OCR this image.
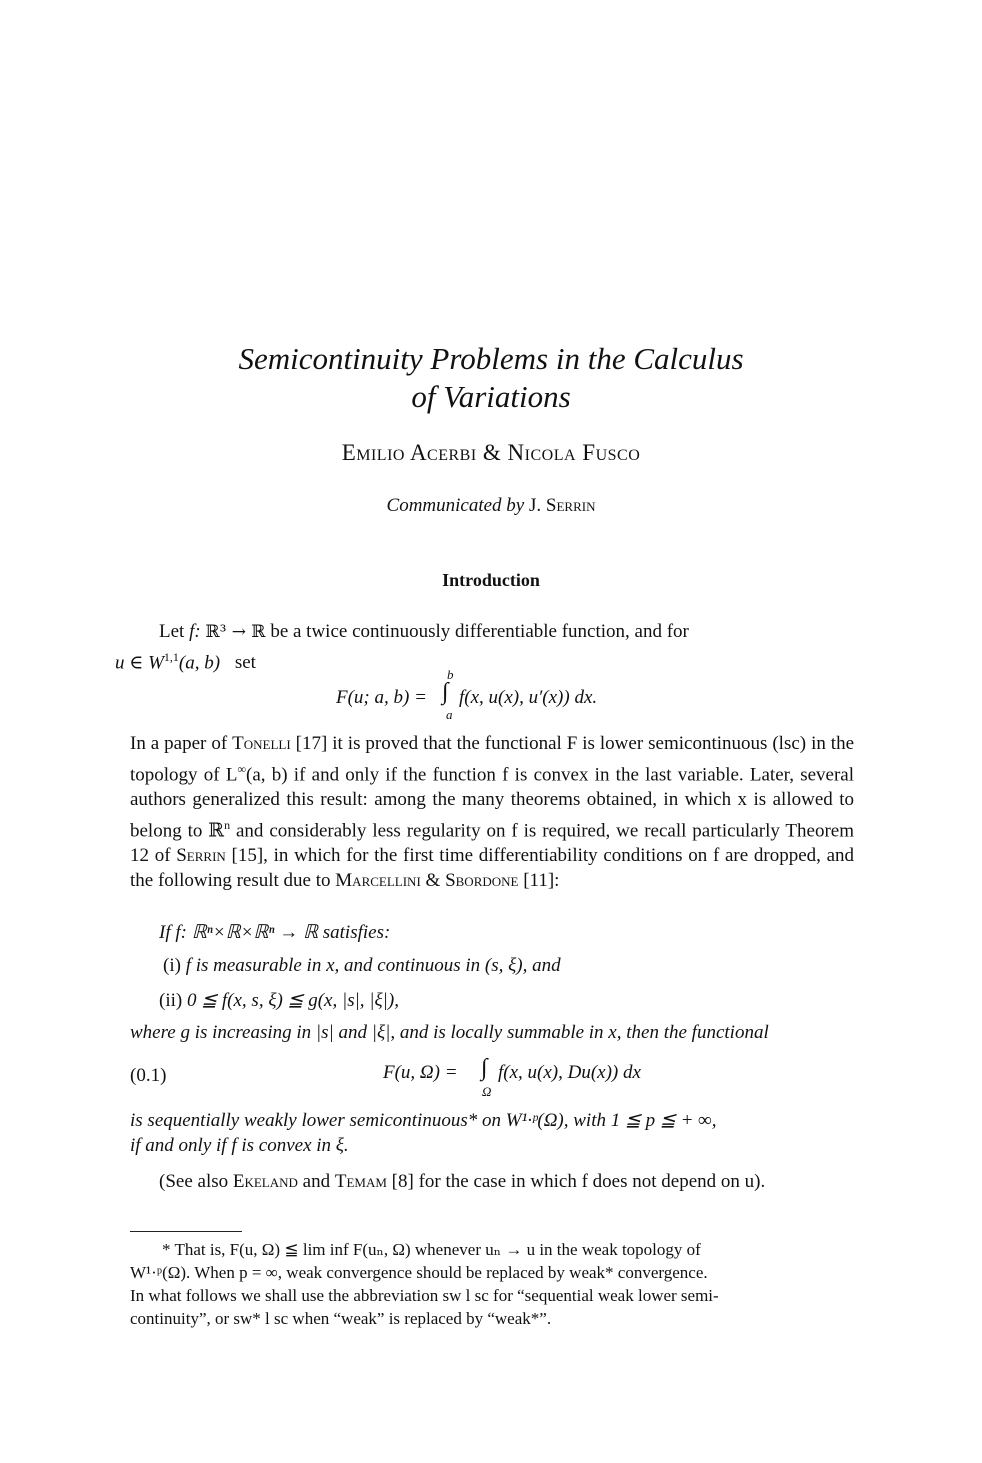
Semicontinuity Problems in the Calculus
of Variations
Emilio Acerbi & Nicola Fusco
Communicated by J. Serrin
Introduction
Let f: ℝ³ → ℝ be a twice continuously differentiable function, and for
u ∈ W$^{1,1}$(a, b) set
b
F(u; a, b) = ∫ f(x, u(x), u′(x)) dx.
a
In a paper of Tonelli [17] it is proved that the functional F is lower semicontinuous (lsc) in the topology of L∞(a, b) if and only if the function f is convex in the last variable. Later, several authors generalized this result: among the many theorems obtained, in which x is allowed to belong to ℝ$^n$ and considerably less regularity on f is required, we recall particularly Theorem 12 of Serrin [15], in which for the first time differentiability conditions on f are dropped, and the following result due to Marcellini & Sbordone [11]:
If f: ℝⁿ×ℝ×ℝⁿ → ℝ satisfies:
(i) f is measurable in x, and continuous in (s, ξ), and
(ii) 0 ≦ f(x, s, ξ) ≦ g(x, |s|, |ξ|),
where g is increasing in |s| and |ξ|, and is locally summable in x, then the functional
(0.1)	F(u, Ω) = ∫ f(x, u(x), Du(x)) dx
Ω
is sequentially weakly lower semicontinuous* on W¹·ᵖ(Ω), with 1 ≦ p ≦ + ∞,
if and only if f is convex in ξ.
(See also Ekeland and Temam [8] for the case in which f does not depend on u).
* That is, F(u, Ω) ≦ lim inf F(uₙ, Ω) whenever uₙ → u in the weak topology of
W¹·ᵖ(Ω). When p = ∞, weak convergence should be replaced by weak* convergence.
In what follows we shall use the abbreviation sw l sc for “sequential weak lower semi-
continuity”, or sw* l sc when “weak” is replaced by “weak*”.
